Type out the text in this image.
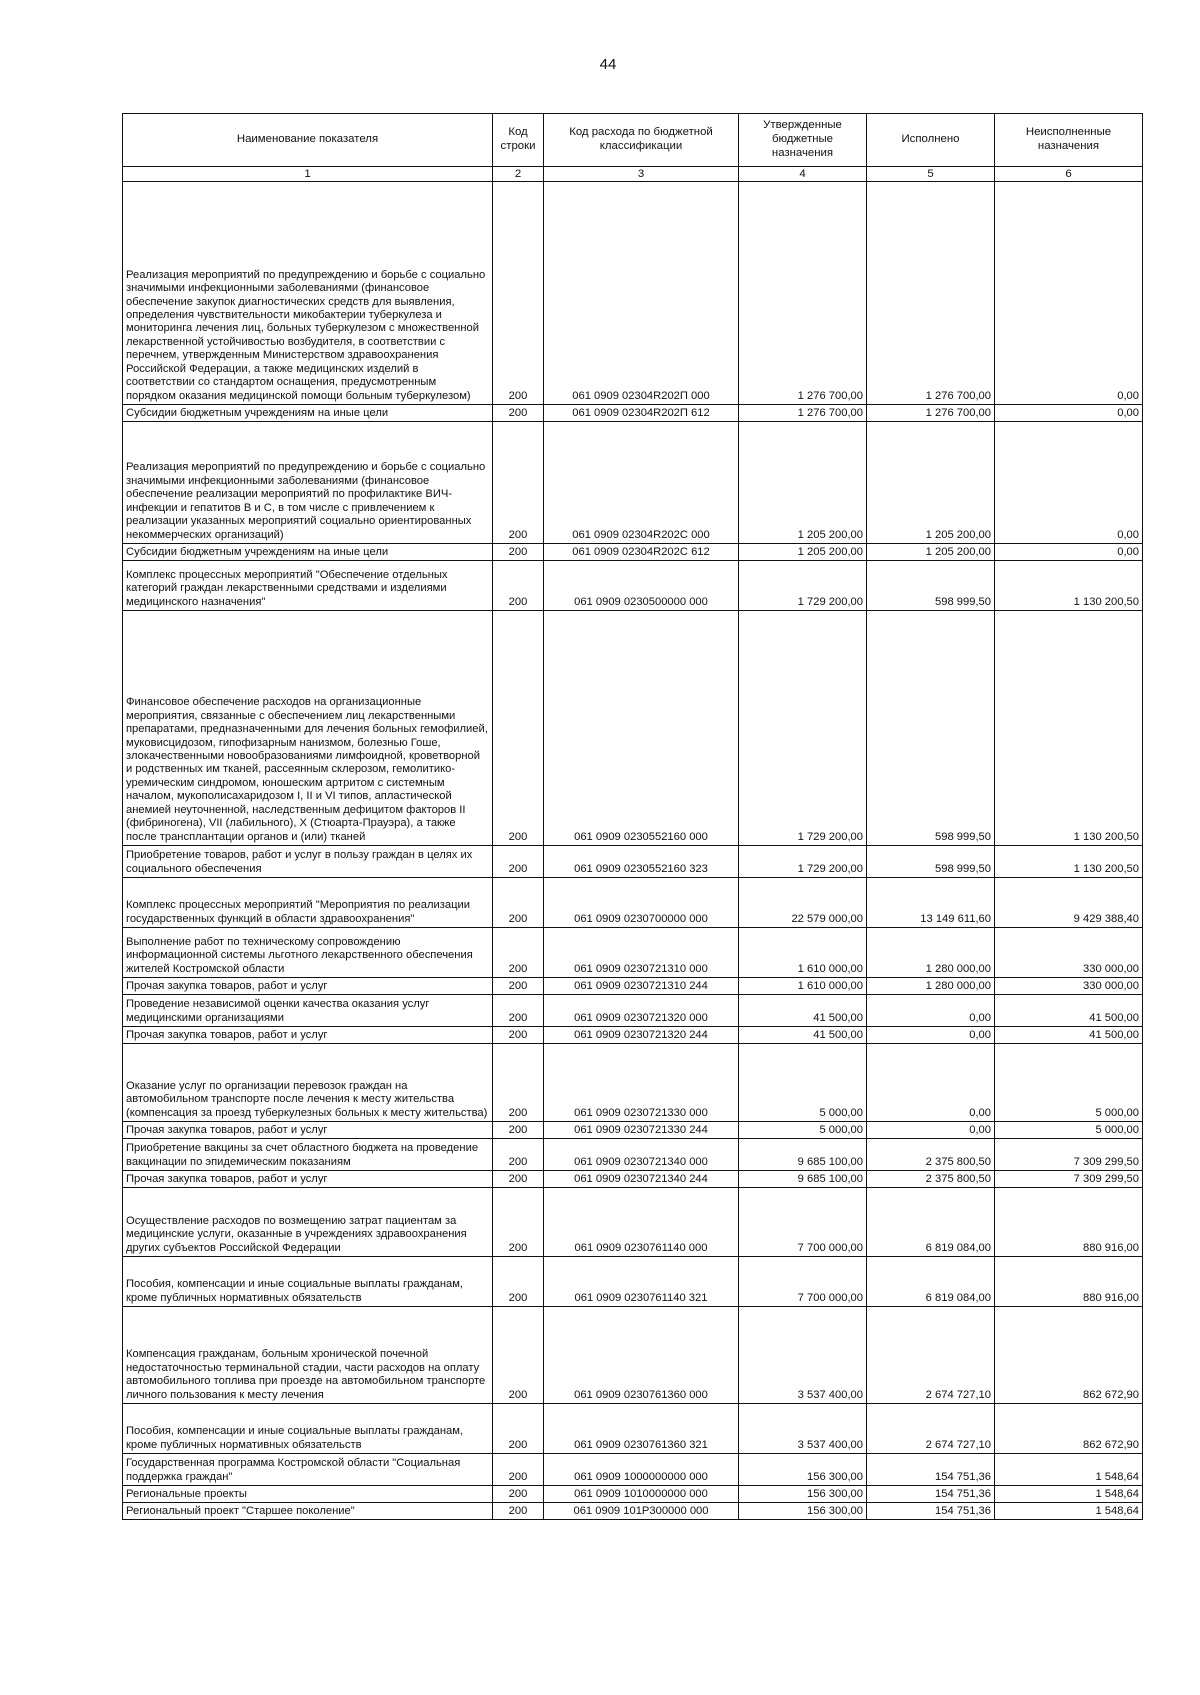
44
Наименование показателя	Код строки	Код расхода по бюджетной классификации	Утвержденные бюджетные назначения	Исполнено	Неисполненные назначения
1	2	3	4	5	6
Реализация мероприятий по предупреждению и борьбе с социально значимыми инфекционными заболеваниями (финансовое обеспечение закупок диагностических средств для выявления, определения чувствительности микобактерии туберкулеза и мониторинга лечения лиц, больных туберкулезом с множественной лекарственной устойчивостью возбудителя, в соответствии с перечнем, утвержденным Министерством здравоохранения Российской Федерации, а также медицинских изделий в соответствии со стандартом оснащения, предусмотренным порядком оказания медицинской помощи больным туберкулезом)	200	061 0909 02304R202П 000	1 276 700,00	1 276 700,00	0,00
Субсидии бюджетным учреждениям на иные цели	200	061 0909 02304R202П 612	1 276 700,00	1 276 700,00	0,00
Реализация мероприятий по предупреждению и борьбе с социально значимыми инфекционными заболеваниями (финансовое обеспечение реализации мероприятий по профилактике ВИЧ- инфекции и гепатитов В и С, в том числе с привлечением к реализации указанных мероприятий социально ориентированных некоммерческих организаций)	200	061 0909 02304R202С 000	1 205 200,00	1 205 200,00	0,00
Субсидии бюджетным учреждениям на иные цели	200	061 0909 02304R202С 612	1 205 200,00	1 205 200,00	0,00
Комплекс процессных мероприятий "Обеспечение отдельных категорий граждан лекарственными средствами и изделиями медицинского назначения"	200	061 0909 0230500000 000	1 729 200,00	598 999,50	1 130 200,50
Финансовое обеспечение расходов на организационные мероприятия, связанные с обеспечением лиц лекарственными препаратами, предназначенными для лечения больных гемофилией, муковисцидозом, гипофизарным нанизмом, болезнью Гоше, злокачественными новообразованиями лимфоидной, кроветворной и родственных им тканей, рассеянным склерозом, гемолитико-уремическим синдромом, юношеским артритом с системным началом, мукополисахаридозом I, II и VI типов, апластической анемией неуточненной, наследственным дефицитом факторов II (фибриногена), VII (лабильного), X (Стюарта-Прауэра), а также после трансплантации органов и (или) тканей	200	061 0909 0230552160 000	1 729 200,00	598 999,50	1 130 200,50
Приобретение товаров, работ и услуг в пользу граждан в целях их социального обеспечения	200	061 0909 0230552160 323	1 729 200,00	598 999,50	1 130 200,50
Комплекс процессных мероприятий "Мероприятия по реализации государственных функций в области здравоохранения"	200	061 0909 0230700000 000	22 579 000,00	13 149 611,60	9 429 388,40
Выполнение работ по техническому сопровождению информационной системы льготного лекарственного обеспечения жителей Костромской области	200	061 0909 0230721310 000	1 610 000,00	1 280 000,00	330 000,00
Прочая закупка товаров, работ и услуг	200	061 0909 0230721310 244	1 610 000,00	1 280 000,00	330 000,00
Проведение независимой оценки качества оказания услуг медицинскими организациями	200	061 0909 0230721320 000	41 500,00	0,00	41 500,00
Прочая закупка товаров, работ и услуг	200	061 0909 0230721320 244	41 500,00	0,00	41 500,00
Оказание услуг по организации перевозок граждан на автомобильном транспорте после лечения к месту жительства (компенсация за проезд туберкулезных больных к месту жительства)	200	061 0909 0230721330 000	5 000,00	0,00	5 000,00
Прочая закупка товаров, работ и услуг	200	061 0909 0230721330 244	5 000,00	0,00	5 000,00
Приобретение вакцины за счет областного бюджета на проведение вакцинации по эпидемическим показаниям	200	061 0909 0230721340 000	9 685 100,00	2 375 800,50	7 309 299,50
Прочая закупка товаров, работ и услуг	200	061 0909 0230721340 244	9 685 100,00	2 375 800,50	7 309 299,50
Осуществление расходов по возмещению затрат пациентам за медицинские услуги, оказанные в учреждениях здравоохранения других субъектов Российской Федерации	200	061 0909 0230761140 000	7 700 000,00	6 819 084,00	880 916,00
Пособия, компенсации и иные социальные выплаты гражданам, кроме публичных нормативных обязательств	200	061 0909 0230761140 321	7 700 000,00	6 819 084,00	880 916,00
Компенсация гражданам, больным хронической почечной недостаточностью терминальной стадии, части расходов на оплату автомобильного топлива при проезде на автомобильном транспорте личного пользования к месту лечения	200	061 0909 0230761360 000	3 537 400,00	2 674 727,10	862 672,90
Пособия, компенсации и иные социальные выплаты гражданам, кроме публичных нормативных обязательств	200	061 0909 0230761360 321	3 537 400,00	2 674 727,10	862 672,90
Государственная программа Костромской области "Социальная поддержка граждан"	200	061 0909 1000000000 000	156 300,00	154 751,36	1 548,64
Региональные проекты	200	061 0909 1010000000 000	156 300,00	154 751,36	1 548,64
Региональный проект "Старшее поколение"	200	061 0909 101Р300000 000	156 300,00	154 751,36	1 548,64
